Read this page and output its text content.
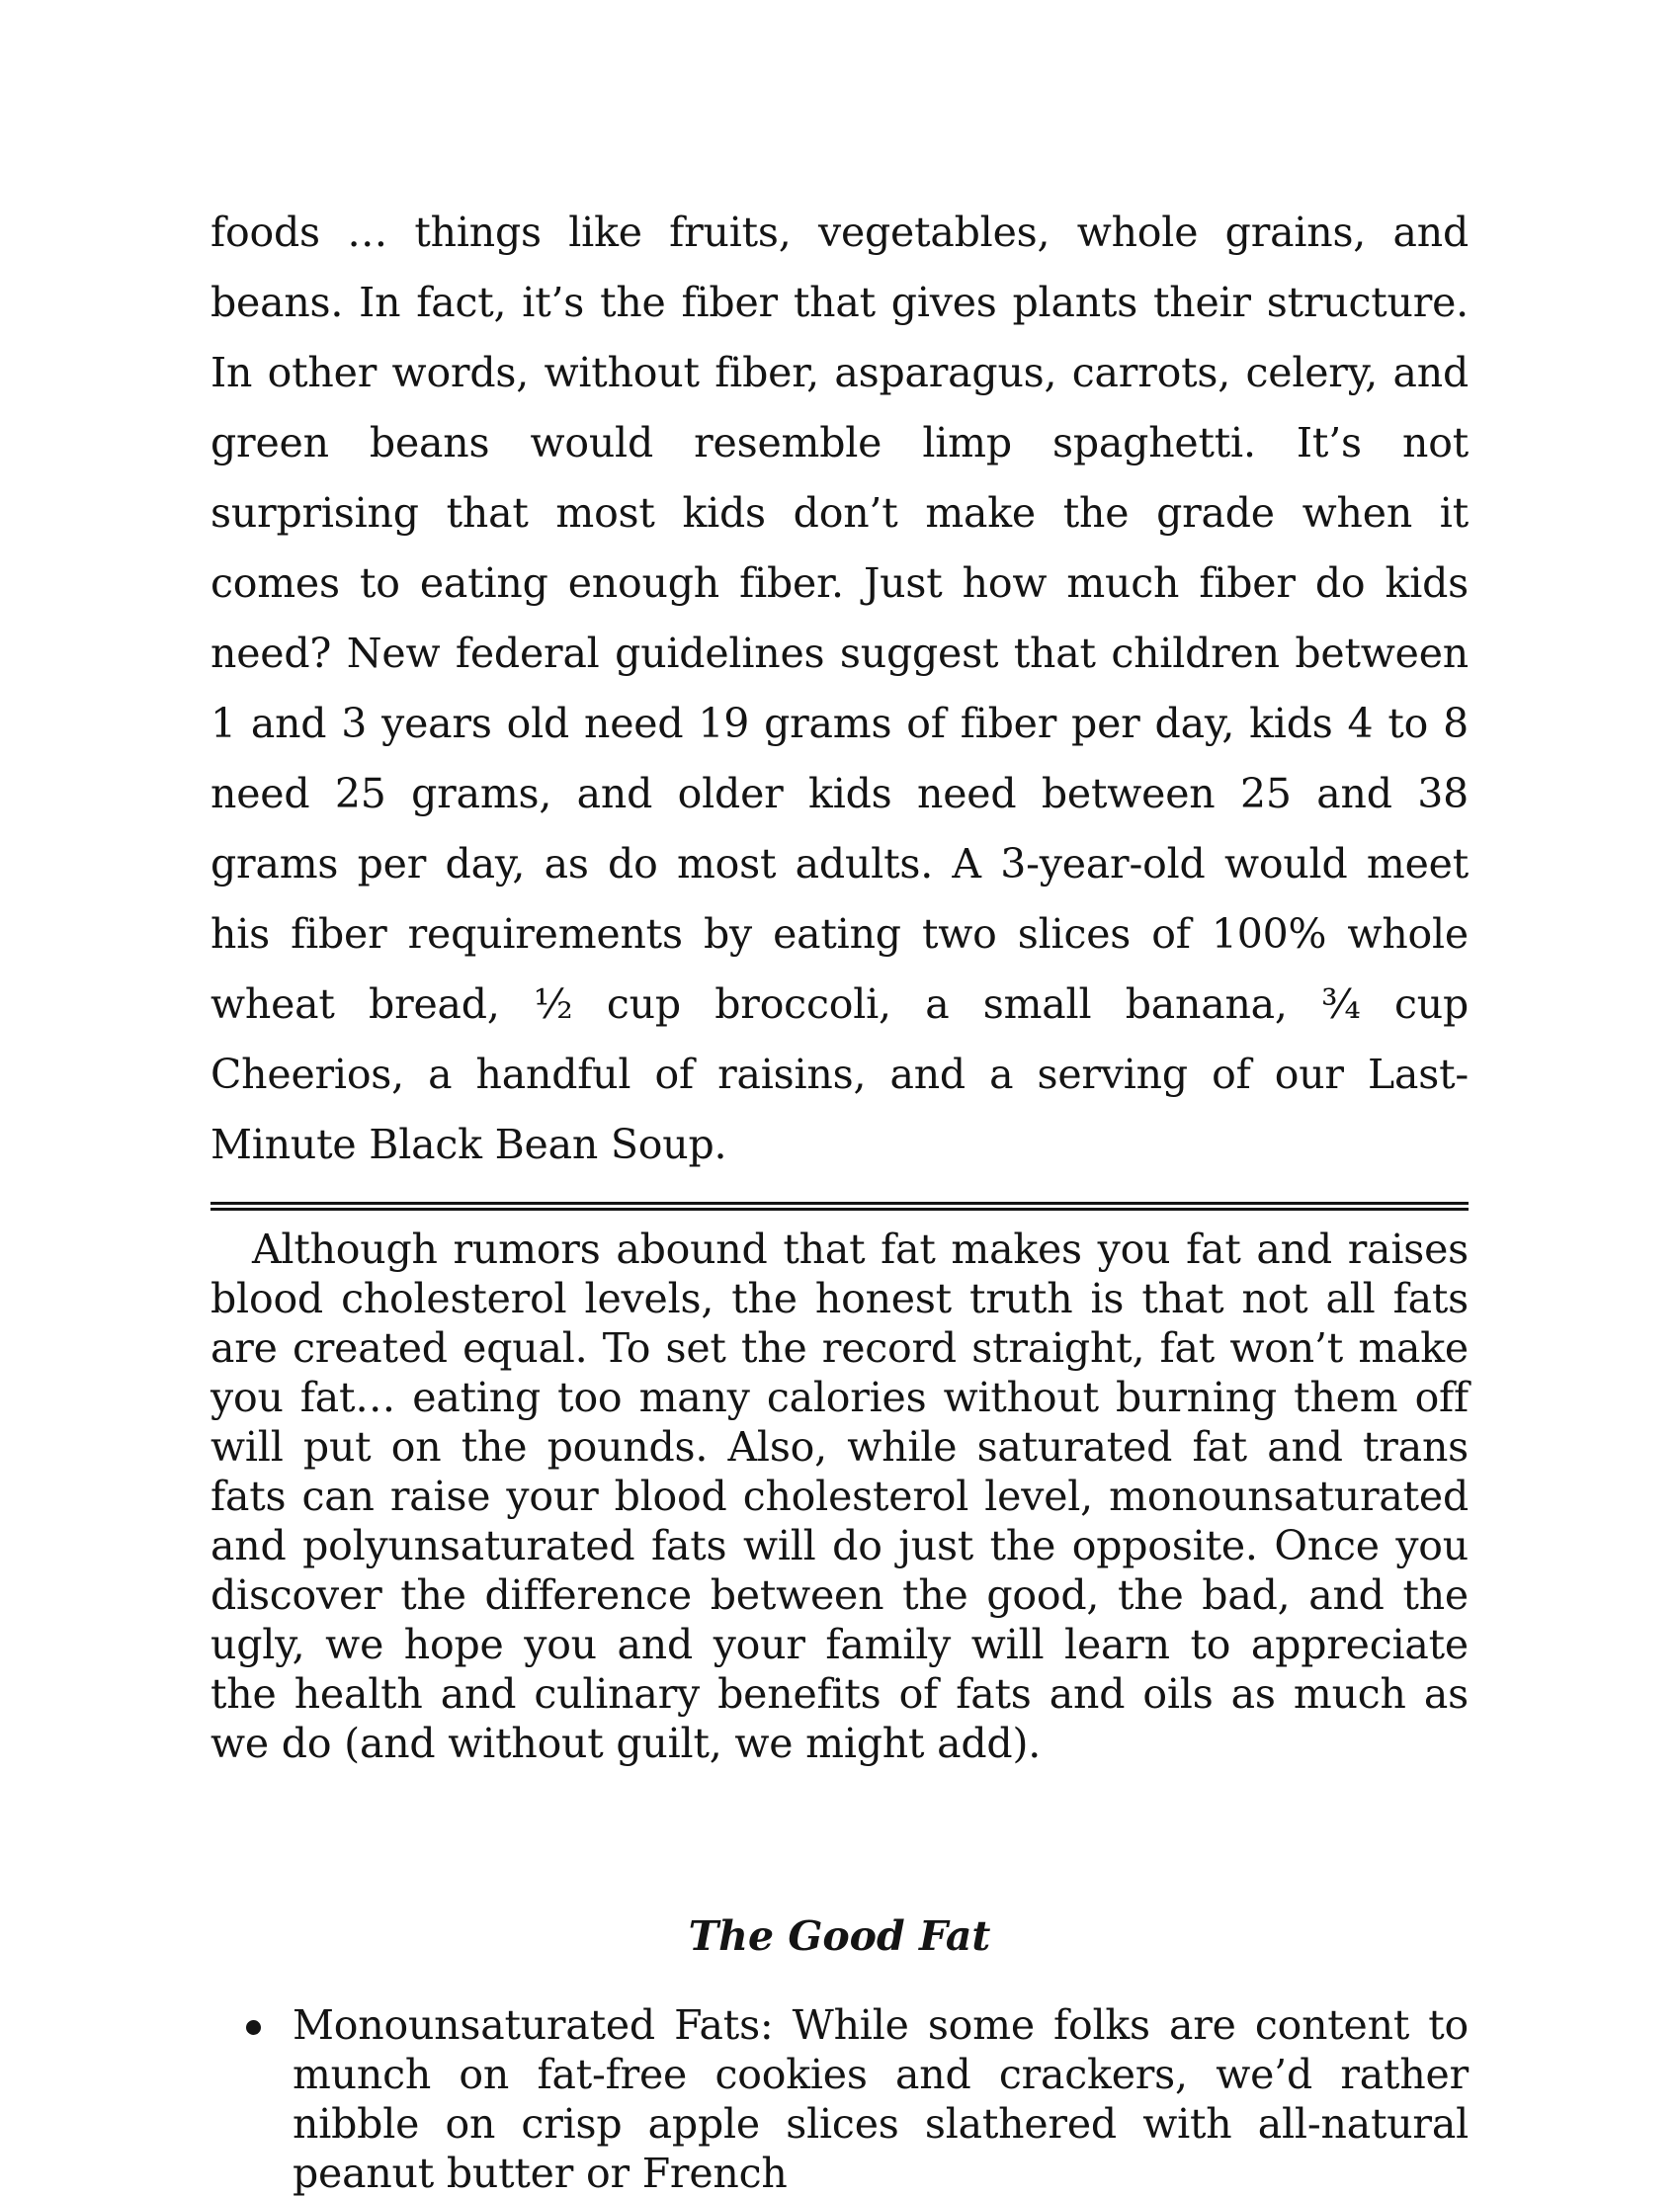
foods … things like fruits, vegetables, whole grains, and beans. In fact, it’s the fiber that gives plants their structure. In other words, without fiber, asparagus, carrots, celery, and green beans would resemble limp spaghetti. It’s not surprising that most kids don’t make the grade when it comes to eating enough fiber. Just how much fiber do kids need? New federal guidelines suggest that children between 1 and 3 years old need 19 grams of fiber per day, kids 4 to 8 need 25 grams, and older kids need between 25 and 38 grams per day, as do most adults. A 3-year-old would meet his fiber requirements by eating two slices of 100% whole wheat bread, ½ cup broccoli, a small banana, ¾ cup Cheerios, a handful of raisins, and a serving of our Last-Minute Black Bean Soup.

Although rumors abound that fat makes you fat and raises blood cholesterol levels, the honest truth is that not all fats are created equal. To set the record straight, fat won’t make you fat… eating too many calories without burning them off will put on the pounds. Also, while saturated fat and trans fats can raise your blood cholesterol level, monounsaturated and polyunsaturated fats will do just the opposite. Once you discover the difference between the good, the bad, and the ugly, we hope you and your family will learn to appreciate the health and culinary benefits of fats and oils as much as we do (and without guilt, we might add).

The Good Fat
Monounsaturated Fats: While some folks are content to munch on fat-free cookies and crackers, we’d rather nibble on crisp apple slices slathered with all-natural peanut butter or French
